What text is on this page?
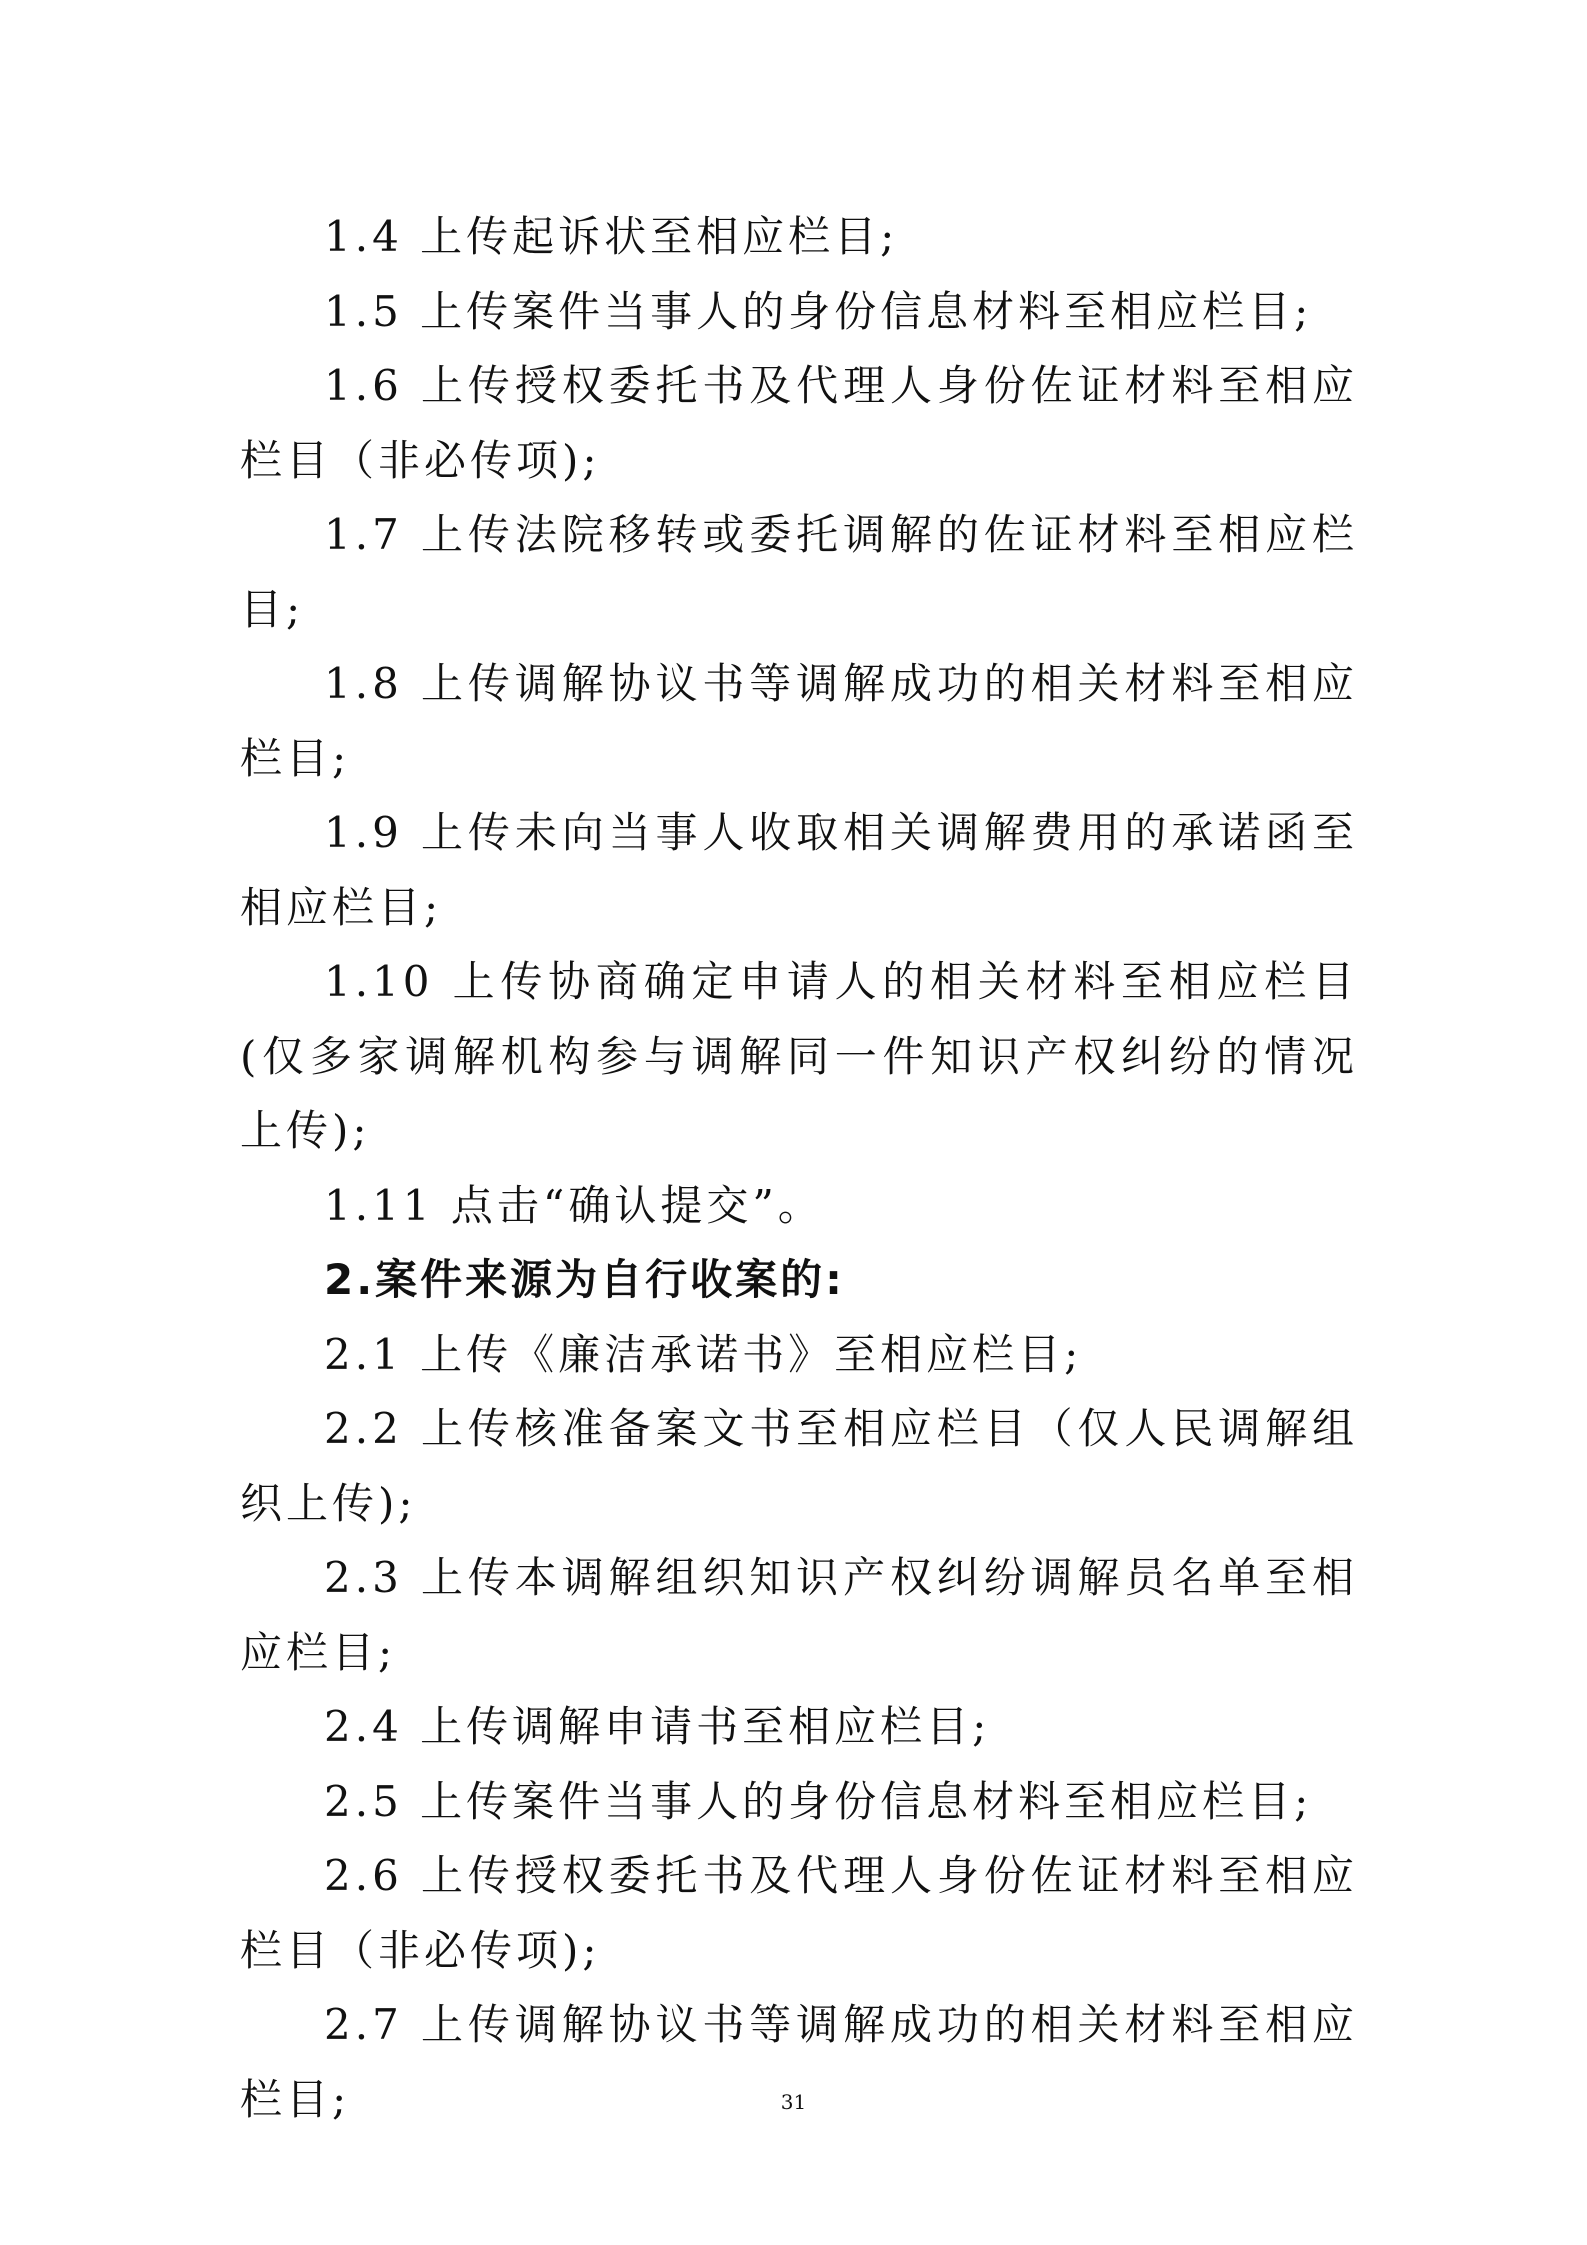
1.4 上传起诉状至相应栏目;

1.5 上传案件当事人的身份信息材料至相应栏目;

1.6 上传授权委托书及代理人身份佐证材料至相应栏目（非必传项);

1.7 上传法院移转或委托调解的佐证材料至相应栏目;

1.8 上传调解协议书等调解成功的相关材料至相应栏目;

1.9 上传未向当事人收取相关调解费用的承诺函至相应栏目;

1.10 上传协商确定申请人的相关材料至相应栏目(仅多家调解机构参与调解同一件知识产权纠纷的情况上传);

1.11 点击“确认提交”。

2.案件来源为自行收案的:

2.1 上传《廉洁承诺书》至相应栏目;

2.2 上传核准备案文书至相应栏目（仅人民调解组织上传);

2.3 上传本调解组织知识产权纠纷调解员名单至相应栏目;

2.4 上传调解申请书至相应栏目;

2.5 上传案件当事人的身份信息材料至相应栏目;

2.6 上传授权委托书及代理人身份佐证材料至相应栏目（非必传项);

2.7 上传调解协议书等调解成功的相关材料至相应栏目;	31
